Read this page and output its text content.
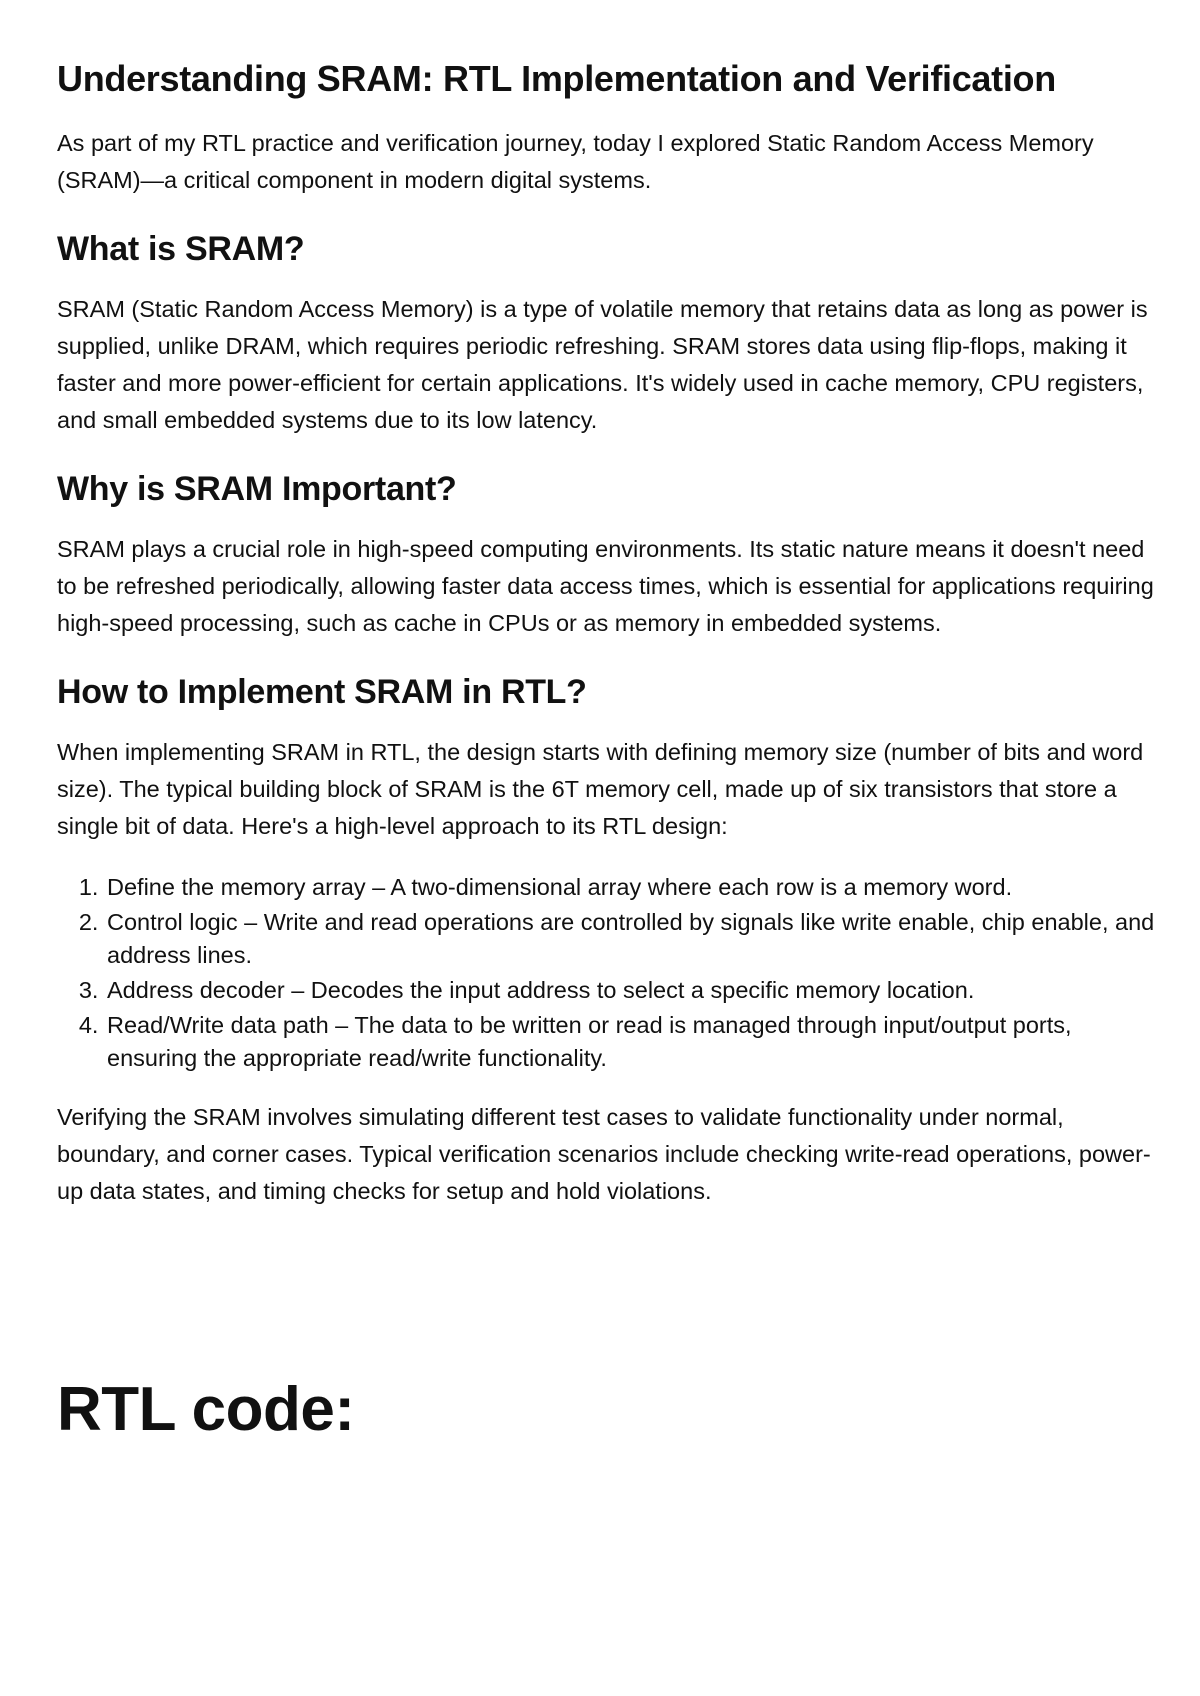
Understanding SRAM: RTL Implementation and Verification

As part of my RTL practice and verification journey, today I explored Static Random Access Memory (SRAM)—a critical component in modern digital systems.

What is SRAM?

SRAM (Static Random Access Memory) is a type of volatile memory that retains data as long as power is supplied, unlike DRAM, which requires periodic refreshing. SRAM stores data using flip-flops, making it faster and more power-efficient for certain applications. It's widely used in cache memory, CPU registers, and small embedded systems due to its low latency.

Why is SRAM Important?

SRAM plays a crucial role in high-speed computing environments. Its static nature means it doesn't need to be refreshed periodically, allowing faster data access times, which is essential for applications requiring high-speed processing, such as cache in CPUs or as memory in embedded systems.

How to Implement SRAM in RTL?

When implementing SRAM in RTL, the design starts with defining memory size (number of bits and word size). The typical building block of SRAM is the 6T memory cell, made up of six transistors that store a single bit of data. Here's a high-level approach to its RTL design:

1. Define the memory array – A two-dimensional array where each row is a memory word.
2. Control logic – Write and read operations are controlled by signals like write enable, chip enable, and address lines.
3. Address decoder – Decodes the input address to select a specific memory location.
4. Read/Write data path – The data to be written or read is managed through input/output ports, ensuring the appropriate read/write functionality.

Verifying the SRAM involves simulating different test cases to validate functionality under normal, boundary, and corner cases. Typical verification scenarios include checking write-read operations, power-up data states, and timing checks for setup and hold violations.

RTL code:
